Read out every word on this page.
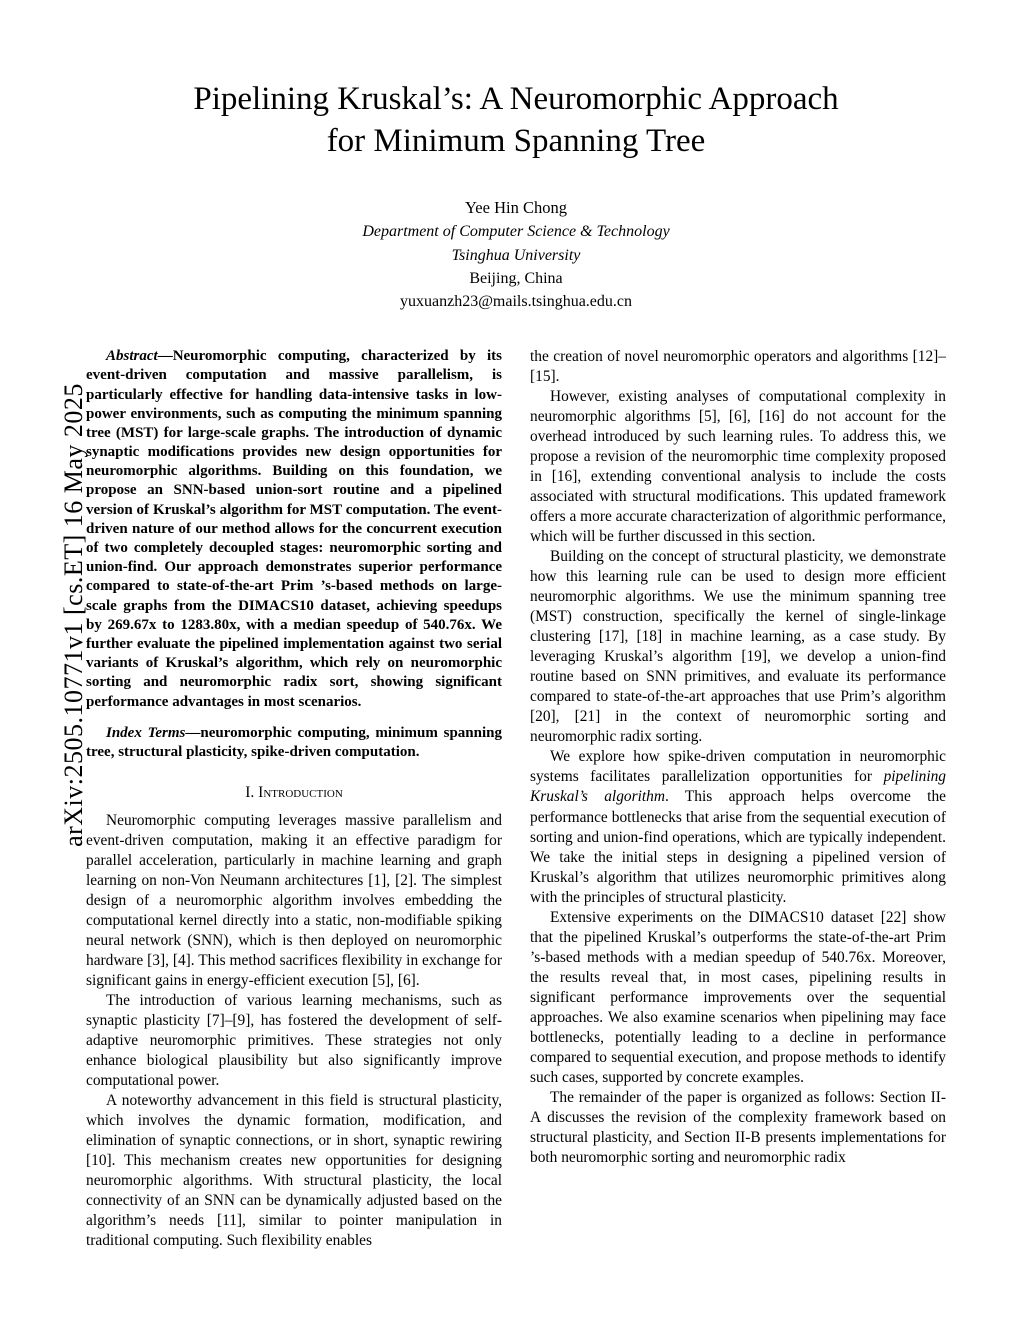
arXiv:2505.10771v1 [cs.ET] 16 May 2025
Pipelining Kruskal’s: A Neuromorphic Approach
for Minimum Spanning Tree
Yee Hin Chong
Department of Computer Science & Technology
Tsinghua University
Beijing, China
yuxuanzh23@mails.tsinghua.edu.cn

Abstract—Neuromorphic computing, characterized by its event-driven computation and massive parallelism, is particularly effective for handling data-intensive tasks in low-power environments, such as computing the minimum spanning tree (MST) for large-scale graphs. The introduction of dynamic synaptic modifications provides new design opportunities for neuromorphic algorithms. Building on this foundation, we propose an SNN-based union-sort routine and a pipelined version of Kruskal’s algorithm for MST computation. The event-driven nature of our method allows for the concurrent execution of two completely decoupled stages: neuromorphic sorting and union-find. Our approach demonstrates superior performance compared to state-of-the-art Prim ’s-based methods on large-scale graphs from the DIMACS10 dataset, achieving speedups by 269.67x to 1283.80x, with a median speedup of 540.76x. We further evaluate the pipelined implementation against two serial variants of Kruskal’s algorithm, which rely on neuromorphic sorting and neuromorphic radix sort, showing significant performance advantages in most scenarios.

Index Terms—neuromorphic computing, minimum spanning tree, structural plasticity, spike-driven computation.

I. Introduction

Neuromorphic computing leverages massive parallelism and event-driven computation, making it an effective paradigm for parallel acceleration, particularly in machine learning and graph learning on non-Von Neumann architectures [1], [2]. The simplest design of a neuromorphic algorithm involves embedding the computational kernel directly into a static, non-modifiable spiking neural network (SNN), which is then deployed on neuromorphic hardware [3], [4]. This method sacrifices flexibility in exchange for significant gains in energy-efficient execution [5], [6].

The introduction of various learning mechanisms, such as synaptic plasticity [7]–[9], has fostered the development of self-adaptive neuromorphic primitives. These strategies not only enhance biological plausibility but also significantly improve computational power.

A noteworthy advancement in this field is structural plasticity, which involves the dynamic formation, modification, and elimination of synaptic connections, or in short, synaptic rewiring [10]. This mechanism creates new opportunities for designing neuromorphic algorithms. With structural plasticity, the local connectivity of an SNN can be dynamically adjusted based on the algorithm’s needs [11], similar to pointer manipulation in traditional computing. Such flexibility enables

the creation of novel neuromorphic operators and algorithms [12]–[15].

However, existing analyses of computational complexity in neuromorphic algorithms [5], [6], [16] do not account for the overhead introduced by such learning rules. To address this, we propose a revision of the neuromorphic time complexity proposed in [16], extending conventional analysis to include the costs associated with structural modifications. This updated framework offers a more accurate characterization of algorithmic performance, which will be further discussed in this section.

Building on the concept of structural plasticity, we demonstrate how this learning rule can be used to design more efficient neuromorphic algorithms. We use the minimum spanning tree (MST) construction, specifically the kernel of single-linkage clustering [17], [18] in machine learning, as a case study. By leveraging Kruskal’s algorithm [19], we develop a union-find routine based on SNN primitives, and evaluate its performance compared to state-of-the-art approaches that use Prim’s algorithm [20], [21] in the context of neuromorphic sorting and neuromorphic radix sorting.

We explore how spike-driven computation in neuromorphic systems facilitates parallelization opportunities for pipelining Kruskal’s algorithm. This approach helps overcome the performance bottlenecks that arise from the sequential execution of sorting and union-find operations, which are typically independent. We take the initial steps in designing a pipelined version of Kruskal’s algorithm that utilizes neuromorphic primitives along with the principles of structural plasticity.

Extensive experiments on the DIMACS10 dataset [22] show that the pipelined Kruskal’s outperforms the state-of-the-art Prim ’s-based methods with a median speedup of 540.76x. Moreover, the results reveal that, in most cases, pipelining results in significant performance improvements over the sequential approaches. We also examine scenarios when pipelining may face bottlenecks, potentially leading to a decline in performance compared to sequential execution, and propose methods to identify such cases, supported by concrete examples.

The remainder of the paper is organized as follows: Section II-A discusses the revision of the complexity framework based on structural plasticity, and Section II-B presents implementations for both neuromorphic sorting and neuromorphic radix
